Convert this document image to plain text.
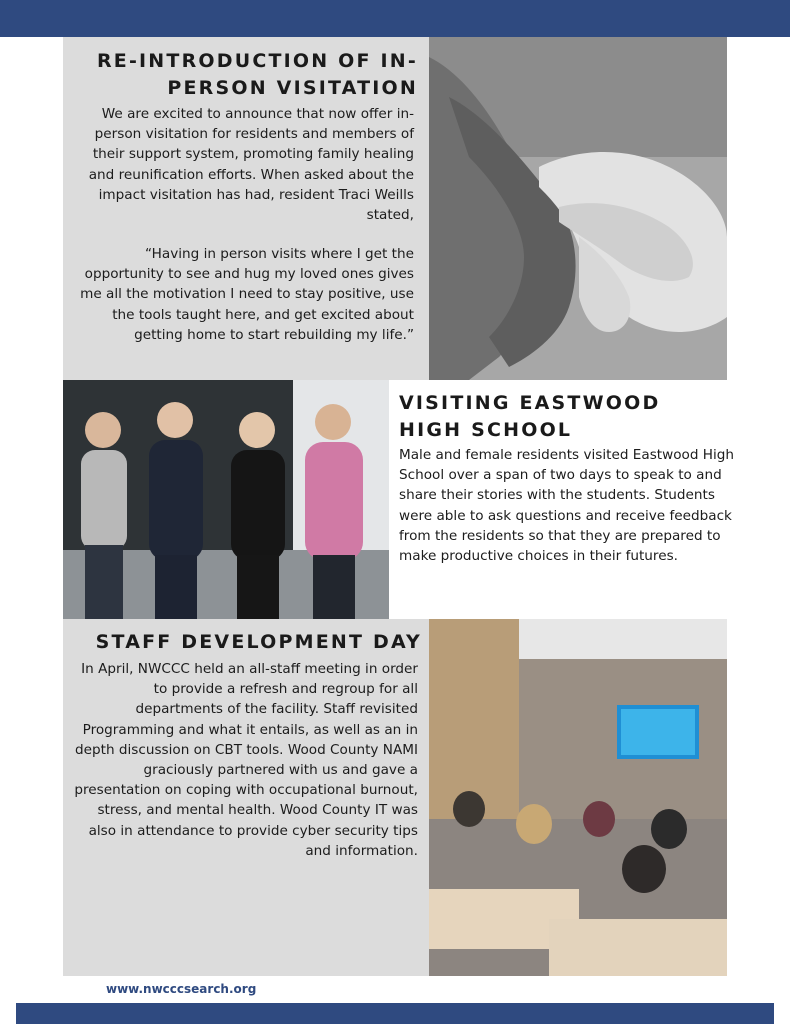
RE-INTRODUCTION OF IN-
PERSON VISITATION

We are excited to announce that now offer in-person visitation for residents and members of their support system, promoting family healing and reunification efforts. When asked about the impact visitation has had, resident Traci Weills stated,

“Having in person visits where I get the opportunity to see and hug my loved ones gives me all the motivation I need to stay positive, use the tools taught here, and get excited about getting home to start rebuilding my life.”

VISITING EASTWOOD
HIGH SCHOOL

Male and female residents visited Eastwood High School over a span of two days to speak to and share their stories with the students. Students were able to ask questions and receive feedback from the residents so that they are prepared to make productive choices in their futures.

STAFF DEVELOPMENT DAY

In April, NWCCC held an all-staff meeting in order to provide a refresh and regroup for all departments of the facility. Staff revisited Programming and what it entails, as well as an in depth discussion on CBT tools. Wood County NAMI graciously partnered with us and gave a presentation on coping with occupational burnout, stress, and mental health. Wood County IT was also in attendance to provide cyber security tips and information.

www.nwcccsearch.org
